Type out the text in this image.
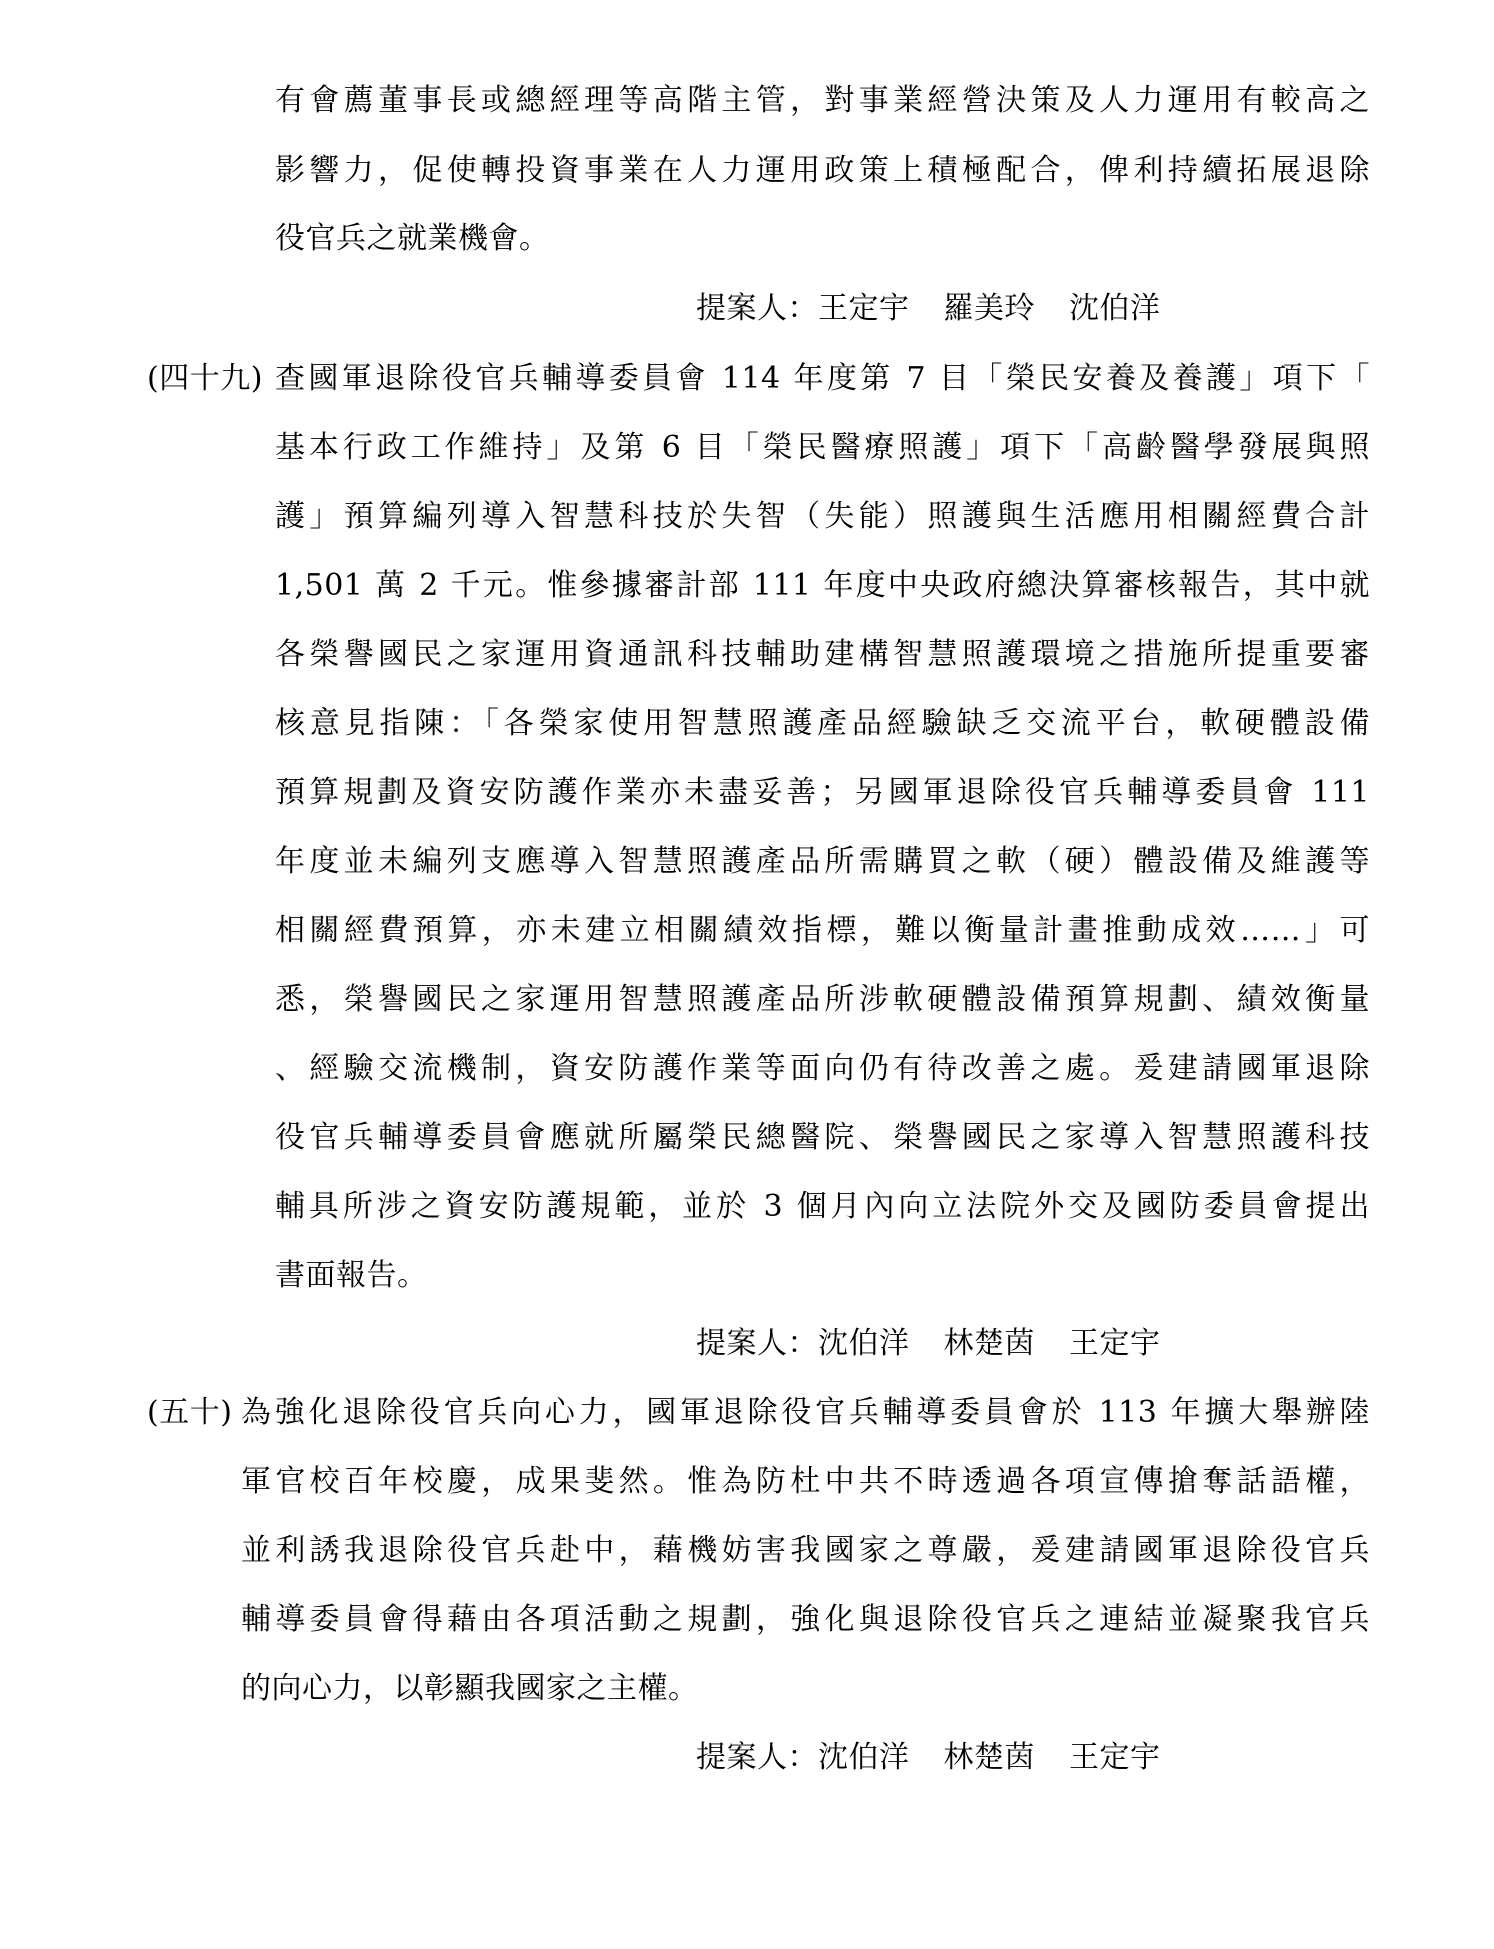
有會薦董事長或總經理等高階主管，對事業經營決策及人力運用有較高之
影響力，促使轉投資事業在人力運用政策上積極配合，俾利持續拓展退除
役官兵之就業機會。
提案人：王定宇 羅美玲 沈伯洋
(四十九) 查國軍退除役官兵輔導委員會 114 年度第 7 目「榮民安養及養護」項下「
基本行政工作維持」及第 6 目「榮民醫療照護」項下「高齡醫學發展與照
護」預算編列導入智慧科技於失智（失能）照護與生活應用相關經費合計
1,501 萬 2 千元。惟參據審計部 111 年度中央政府總決算審核報告，其中就
各榮譽國民之家運用資通訊科技輔助建構智慧照護環境之措施所提重要審
核意見指陳：「各榮家使用智慧照護產品經驗缺乏交流平台，軟硬體設備
預算規劃及資安防護作業亦未盡妥善；另國軍退除役官兵輔導委員會 111
年度並未編列支應導入智慧照護產品所需購買之軟（硬）體設備及維護等
相關經費預算，亦未建立相關績效指標，難以衡量計畫推動成效……」可
悉，榮譽國民之家運用智慧照護產品所涉軟硬體設備預算規劃、績效衡量
、經驗交流機制，資安防護作業等面向仍有待改善之處。爰建請國軍退除
役官兵輔導委員會應就所屬榮民總醫院、榮譽國民之家導入智慧照護科技
輔具所涉之資安防護規範，並於 3 個月內向立法院外交及國防委員會提出
書面報告。
提案人：沈伯洋 林楚茵 王定宇
(五十) 為強化退除役官兵向心力，國軍退除役官兵輔導委員會於 113 年擴大舉辦陸
軍官校百年校慶，成果斐然。惟為防杜中共不時透過各項宣傳搶奪話語權，
並利誘我退除役官兵赴中，藉機妨害我國家之尊嚴，爰建請國軍退除役官兵
輔導委員會得藉由各項活動之規劃，強化與退除役官兵之連結並凝聚我官兵
的向心力，以彰顯我國家之主權。
提案人：沈伯洋 林楚茵 王定宇
